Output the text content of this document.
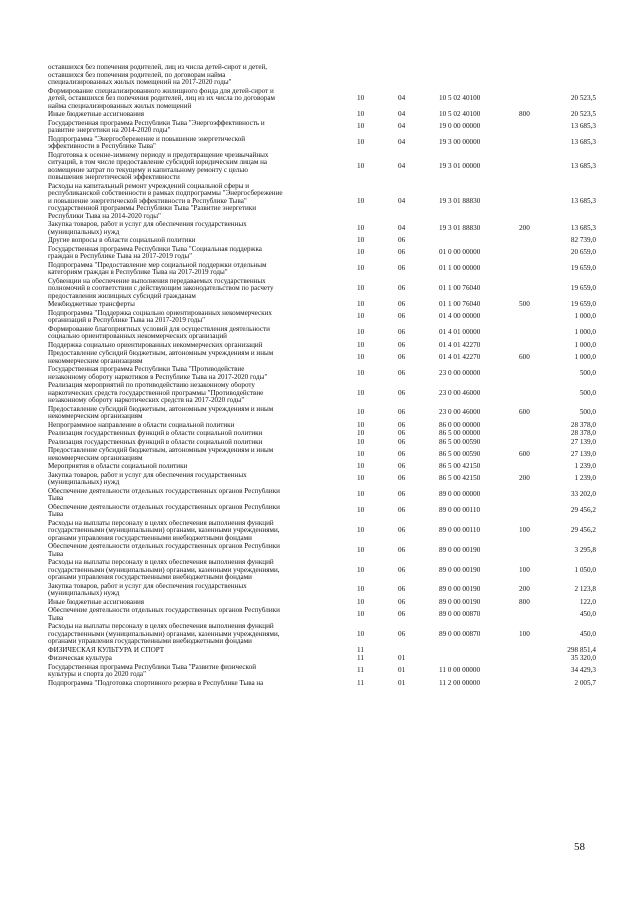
оставшихся без попечения родителей, лиц из числа детей-сирот и детей,
оставшихся без попечения родителей, по договорам найма
специализированных жилых помещений на 2017-2020 годы"
Формирование специализированного жилищного фонда для детей-сирот и
детей, оставшихся без попечения родителей, лиц из их числа по договорам
найма специализированных жилых помещений
10	04	10 5 02 40100	20 523,5
Иные бюджетные ассигнования	10	04	10 5 02 40100	800	20 523,5
Государственная программа Республики Тыва "Энергоэффективность и
развитие энергетики на 2014-2020 годы"	10	04	19 0 00 00000	13 685,3
Подпрограмма "Энергосбережение и повышение энергетической
эффективности в Республике Тыва"	10	04	19 3 00 00000	13 685,3
Подготовка к осенне-зимнему периоду и предотвращение чрезвычайных
ситуаций, в том числе предоставление субсидий юридическим лицам на
возмещение затрат по текущему и капитальному ремонту с целью
повышения энергетической эффективности
10	04	19 3 01 00000	13 685,3
Расходы на капитальный ремонт учреждений социальной сферы и
республиканской собственности в рамках подпрограммы "Энергосбережение
и повышение энергетической эффективности в Республике Тыва"
государственной программы Республики Тыва "Развитие энергетики
Республики Тыва на 2014-2020 годы"
10	04	19 3 01 88830	13 685,3
Закупка товаров, работ и услуг для обеспечения государственных
(муниципальных) нужд	10	04	19 3 01 88830	200	13 685,3
Другие вопросы в области социальной политики	10	06	82 739,0
Государственная программа Республики Тыва "Социальная поддержка
граждан в Республике Тыва на 2017-2019 годы"	10	06	01 0 00 00000	20 659,0
Подпрограмма "Предоставление мер социальной поддержки отдельным
категориям граждан в Республике Тыва на 2017-2019 годы"	10	06	01 1 00 00000	19 659,0
Субвенции на обеспечение выполнения передаваемых государственных
полномочий в соответствии с действующим законодательством по расчету
предоставления жилищных субсидий гражданам
10	06	01 1 00 76040	19 659,0
Межбюджетные трансферты	10	06	01 1 00 76040	500	19 659,0
Подпрограмма "Поддержка социально ориентированных некоммерческих
организаций в Республике Тыва на 2017-2019 годы"	10	06	01 4 00 00000	1 000,0
Формирование благоприятных условий для осуществления деятельности
социально ориентированных некоммерческих организаций	10	06	01 4 01 00000	1 000,0
Поддержка социально ориентированных некоммерческих организаций	10	06	01 4 01 42270	1 000,0
Предоставление субсидий бюджетным, автономным учреждениям и иным
некоммерческим организациям	10	06	01 4 01 42270	600	1 000,0
Государственная программа Республики Тыва "Противодействие
незаконному обороту наркотиков в Республике Тыва на 2017-2020 годы"	10	06	23 0 00 00000	500,0
Реализация мероприятий по противодействию незаконному обороту
наркотических средств государственной программы "Противодействие
незаконному обороту наркотических средств на 2017-2020 годы"
10	06	23 0 00 46000	500,0
Предоставление субсидий бюджетным, автономным учреждениям и иным
некоммерческим организациям	10	06	23 0 00 46000	600	500,0
Непрограммное направление в области социальной политики	10	06	86 0 00 00000	28 378,0
Реализация государственных функций в области социальной политики	10	06	86 5 00 00000	28 378,0
Реализация государственных функций в области социальной политики	10	06	86 5 00 00590	27 139,0
Предоставление субсидий бюджетным, автономным учреждениям и иным
некоммерческим организациям	10	06	86 5 00 00590	600	27 139,0
Мероприятия в области социальной политики	10	06	86 5 00 42150	1 239,0
Закупка товаров, работ и услуг для обеспечения государственных
(муниципальных) нужд	10	06	86 5 00 42150	200	1 239,0
Обеспечение деятельности отдельных государственных органов Республики
Тыва	10	06	89 0 00 00000	33 202,0
Обеспечение деятельности отдельных государственных органов Республики
Тыва	10	06	89 0 00 00110	29 456,2
Расходы на выплаты персоналу в целях обеспечения выполнения функций
государственными (муниципальными) органами, казенными учреждениями,
органами управления государственными внебюджетными фондами
10	06	89 0 00 00110	100	29 456,2
Обеспечение деятельности отдельных государственных органов Республики
Тыва	10	06	89 0 00 00190	3 295,8
Расходы на выплаты персоналу в целях обеспечения выполнения функций
государственными (муниципальными) органами, казенными учреждениями,
органами управления государственными внебюджетными фондами
10	06	89 0 00 00190	100	1 050,0
Закупка товаров, работ и услуг для обеспечения государственных
(муниципальных) нужд	10	06	89 0 00 00190	200	2 123,8
Иные бюджетные ассигнования	10	06	89 0 00 00190	800	122,0
Обеспечение деятельности отдельных государственных органов Республики
Тыва	10	06	89 0 00 00870	450,0
Расходы на выплаты персоналу в целях обеспечения выполнения функций
государственными (муниципальными) органами, казенными учреждениями,
органами управления государственными внебюджетными фондами
10	06	89 0 00 00870	100	450,0
ФИЗИЧЕСКАЯ КУЛЬТУРА И СПОРТ	11	298 851,4
Физическая культура	11	01	35 320,0
Государственная программа Республики Тыва "Развитие физической
культуры и спорта до 2020 года"	11	01	11 0 00 00000	34 429,3
Подпрограмма "Подготовка спортивного резерва в Республике Тыва на	11	01	11 2 00 00000	2 005,7
58
